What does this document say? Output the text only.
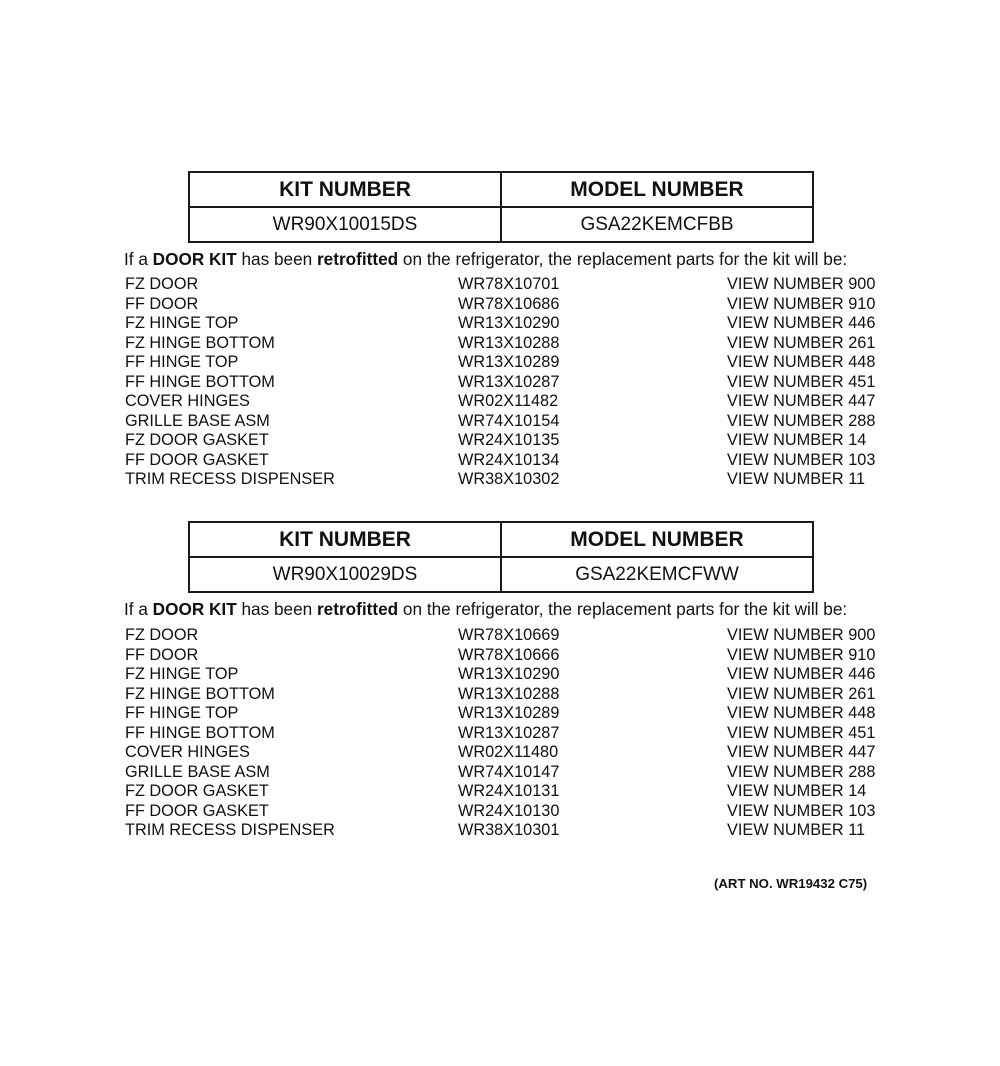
KIT NUMBER	MODEL NUMBER
WR90X10015DS	GSA22KEMCFBB
If a DOOR KIT has been retrofitted on the refrigerator, the replacement parts for the kit will be:
FZ DOOR	WR78X10701	VIEW NUMBER 900
FF DOOR	WR78X10686	VIEW NUMBER 910
FZ HINGE TOP	WR13X10290	VIEW NUMBER 446
FZ HINGE BOTTOM	WR13X10288	VIEW NUMBER 261
FF HINGE TOP	WR13X10289	VIEW NUMBER 448
FF HINGE BOTTOM	WR13X10287	VIEW NUMBER 451
COVER HINGES	WR02X11482	VIEW NUMBER 447
GRILLE BASE ASM	WR74X10154	VIEW NUMBER 288
FZ DOOR GASKET	WR24X10135	VIEW NUMBER 14
FF DOOR GASKET	WR24X10134	VIEW NUMBER 103
TRIM RECESS DISPENSER	WR38X10302	VIEW NUMBER 11
KIT NUMBER	MODEL NUMBER
WR90X10029DS	GSA22KEMCFWW
If a DOOR KIT has been retrofitted on the refrigerator, the replacement parts for the kit will be:
FZ DOOR	WR78X10669	VIEW NUMBER 900
FF DOOR	WR78X10666	VIEW NUMBER 910
FZ HINGE TOP	WR13X10290	VIEW NUMBER 446
FZ HINGE BOTTOM	WR13X10288	VIEW NUMBER 261
FF HINGE TOP	WR13X10289	VIEW NUMBER 448
FF HINGE BOTTOM	WR13X10287	VIEW NUMBER 451
COVER HINGES	WR02X11480	VIEW NUMBER 447
GRILLE BASE ASM	WR74X10147	VIEW NUMBER 288
FZ DOOR GASKET	WR24X10131	VIEW NUMBER 14
FF DOOR GASKET	WR24X10130	VIEW NUMBER 103
TRIM RECESS DISPENSER	WR38X10301	VIEW NUMBER 11
(ART NO. WR19432 C75)
